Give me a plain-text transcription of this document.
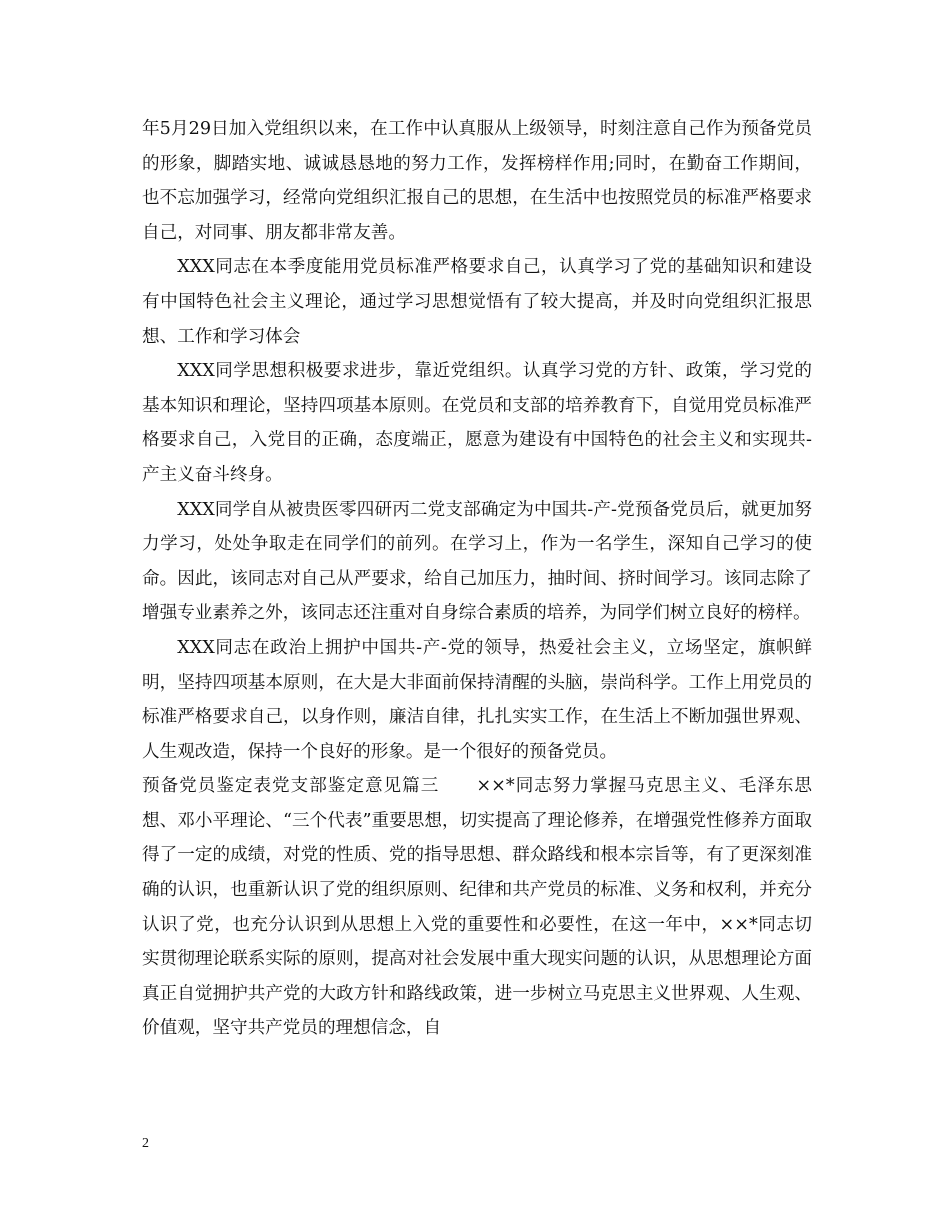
年5月29日加入党组织以来，在工作中认真服从上级领导，时刻注意自己作为预备党员的形象，脚踏实地、诚诚恳恳地的努力工作，发挥榜样作用;同时，在勤奋工作期间，也不忘加强学习，经常向党组织汇报自己的思想，在生活中也按照党员的标准严格要求自己，对同事、朋友都非常友善。

XXX同志在本季度能用党员标准严格要求自己，认真学习了党的基础知识和建设有中国特色社会主义理论，通过学习思想觉悟有了较大提高，并及时向党组织汇报思想、工作和学习体会

XXX同学思想积极要求进步，靠近党组织。认真学习党的方针、政策，学习党的基本知识和理论，坚持四项基本原则。在党员和支部的培养教育下，自觉用党员标准严格要求自己，入党目的正确，态度端正，愿意为建设有中国特色的社会主义和实现共-产主义奋斗终身。

XXX同学自从被贵医零四研丙二党支部确定为中国共-产-党预备党员后，就更加努力学习，处处争取走在同学们的前列。在学习上，作为一名学生，深知自己学习的使命。因此，该同志对自己从严要求，给自己加压力，抽时间、挤时间学习。该同志除了增强专业素养之外，该同志还注重对自身综合素质的培养，为同学们树立良好的榜样。

XXX同志在政治上拥护中国共-产-党的领导，热爱社会主义，立场坚定，旗帜鲜明，坚持四项基本原则，在大是大非面前保持清醒的头脑，崇尚科学。工作上用党员的标准严格要求自己，以身作则，廉洁自律，扎扎实实工作，在生活上不断加强世界观、人生观改造，保持一个良好的形象。是一个很好的预备党员。

预备党员鉴定表党支部鉴定意见篇三　　××*同志努力掌握马克思主义、毛泽东思想、邓小平理论、“三个代表”重要思想，切实提高了理论修养，在增强党性修养方面取得了一定的成绩，对党的性质、党的指导思想、群众路线和根本宗旨等，有了更深刻准确的认识，也重新认识了党的组织原则、纪律和共产党员的标准、义务和权利，并充分认识了党，也充分认识到从思想上入党的重要性和必要性，在这一年中，××*同志切实贯彻理论联系实际的原则，提高对社会发展中重大现实问题的认识，从思想理论方面真正自觉拥护共产党的大政方针和路线政策，进一步树立马克思主义世界观、人生观、价值观，坚守共产党员的理想信念，自

2
